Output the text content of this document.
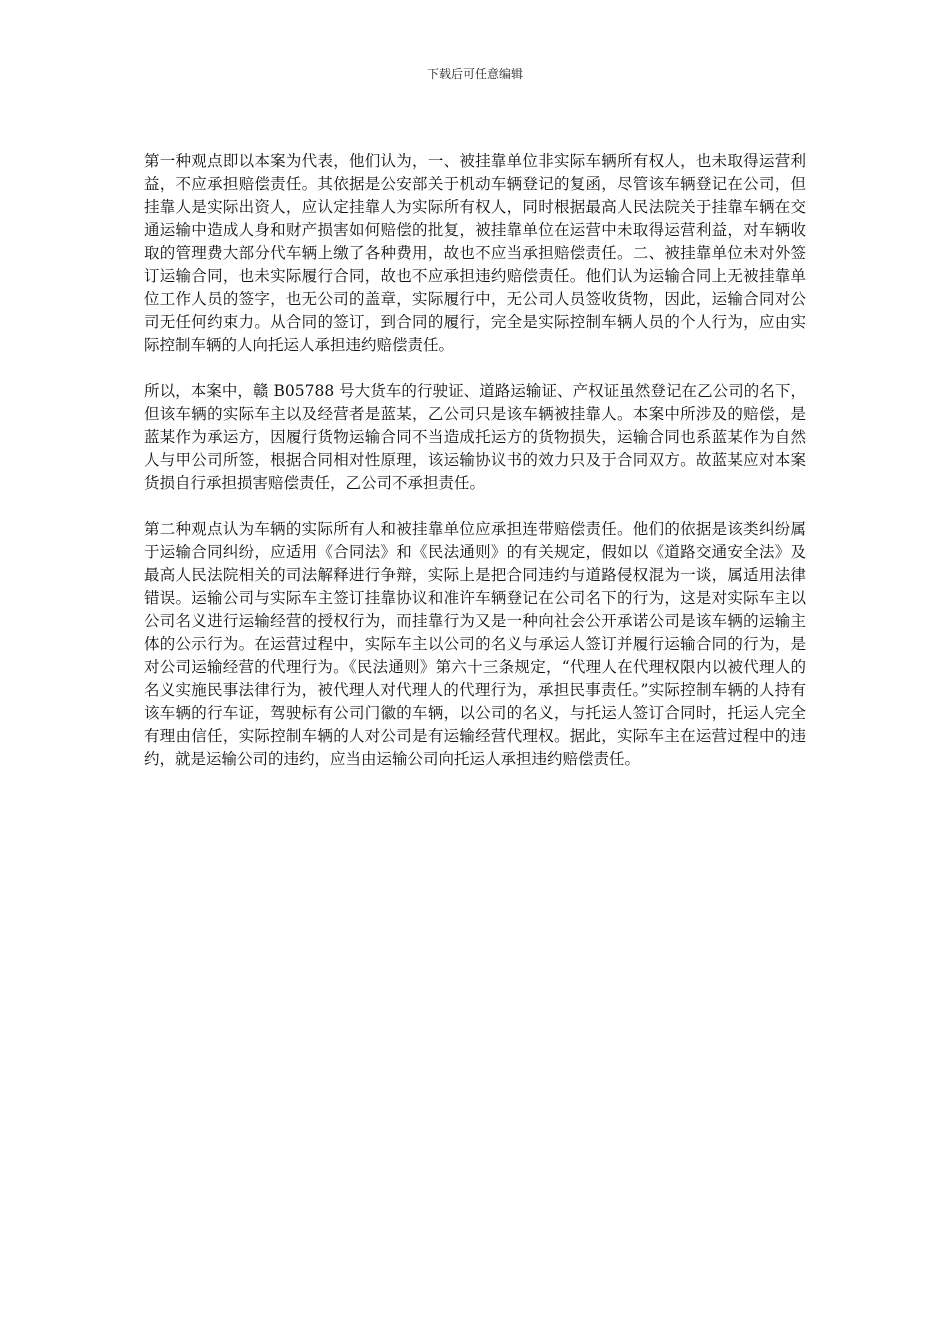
下载后可任意编辑

第一种观点即以本案为代表，他们认为，一、被挂靠单位非实际车辆所有权人，也未取得运营利益，不应承担赔偿责任。其依据是公安部关于机动车辆登记的复函，尽管该车辆登记在公司，但挂靠人是实际出资人，应认定挂靠人为实际所有权人，同时根据最高人民法院关于挂靠车辆在交通运输中造成人身和财产损害如何赔偿的批复，被挂靠单位在运营中未取得运营利益，对车辆收取的管理费大部分代车辆上缴了各种费用，故也不应当承担赔偿责任。二、被挂靠单位未对外签订运输合同，也未实际履行合同，故也不应承担违约赔偿责任。他们认为运输合同上无被挂靠单位工作人员的签字，也无公司的盖章，实际履行中，无公司人员签收货物，因此，运输合同对公司无任何约束力。从合同的签订，到合同的履行，完全是实际控制车辆人员的个人行为，应由实际控制车辆的人向托运人承担违约赔偿责任。

所以，本案中，赣 B05788 号大货车的行驶证、道路运输证、产权证虽然登记在乙公司的名下，但该车辆的实际车主以及经营者是蓝某，乙公司只是该车辆被挂靠人。本案中所涉及的赔偿，是蓝某作为承运方，因履行货物运输合同不当造成托运方的货物损失，运输合同也系蓝某作为自然人与甲公司所签，根据合同相对性原理，该运输协议书的效力只及于合同双方。故蓝某应对本案货损自行承担损害赔偿责任，乙公司不承担责任。

第二种观点认为车辆的实际所有人和被挂靠单位应承担连带赔偿责任。他们的依据是该类纠纷属于运输合同纠纷，应适用《合同法》和《民法通则》的有关规定，假如以《道路交通安全法》及最高人民法院相关的司法解释进行争辩，实际上是把合同违约与道路侵权混为一谈，属适用法律错误。运输公司与实际车主签订挂靠协议和准许车辆登记在公司名下的行为，这是对实际车主以公司名义进行运输经营的授权行为，而挂靠行为又是一种向社会公开承诺公司是该车辆的运输主体的公示行为。在运营过程中，实际车主以公司的名义与承运人签订并履行运输合同的行为，是对公司运输经营的代理行为。《民法通则》第六十三条规定，“代理人在代理权限内以被代理人的名义实施民事法律行为，被代理人对代理人的代理行为，承担民事责任。”实际控制车辆的人持有该车辆的行车证，驾驶标有公司门徽的车辆，以公司的名义，与托运人签订合同时，托运人完全有理由信任，实际控制车辆的人对公司是有运输经营代理权。据此，实际车主在运营过程中的违约，就是运输公司的违约，应当由运输公司向托运人承担违约赔偿责任。
